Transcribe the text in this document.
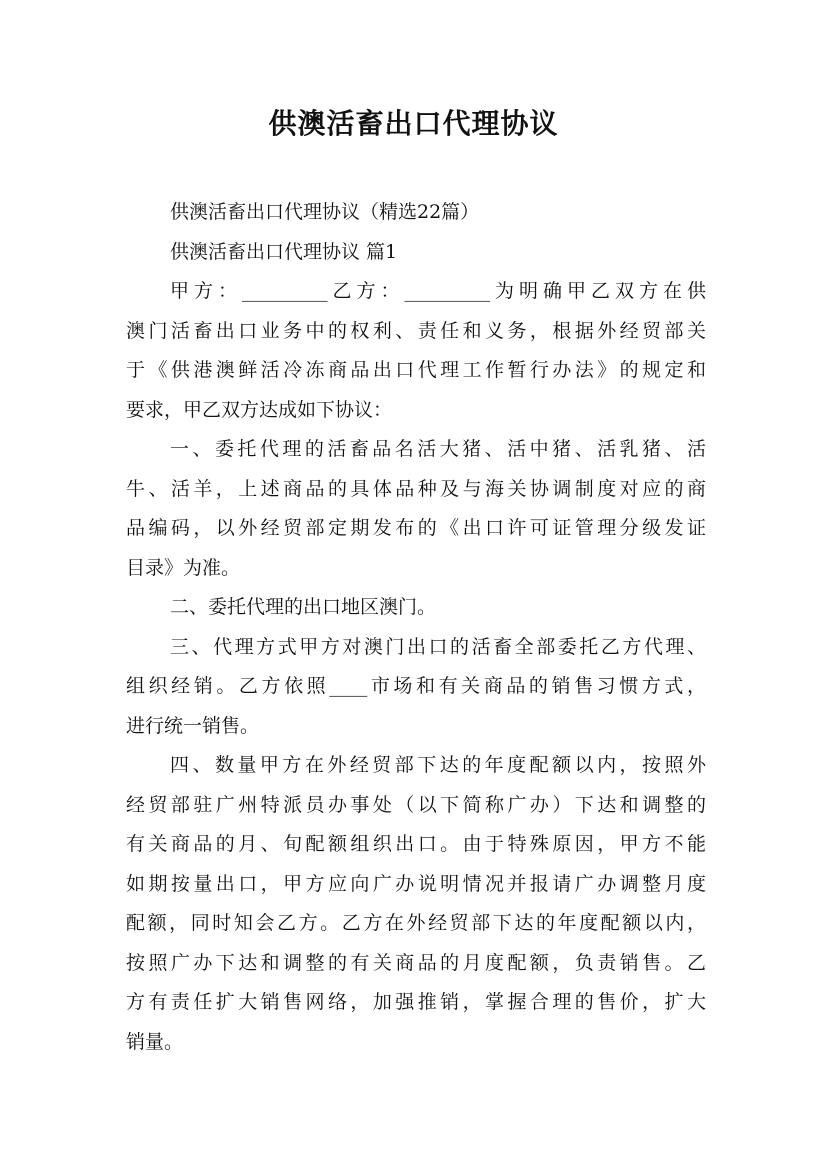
供澳活畜出口代理协议
供澳活畜出口代理协议（精选22篇）
供澳活畜出口代理协议 篇1
甲方：_________乙方：_________为明确甲乙双方在供
澳门活畜出口业务中的权利、责任和义务，根据外经贸部关
于《供港澳鲜活冷冻商品出口代理工作暂行办法》的规定和
要求，甲乙双方达成如下协议：
一、委托代理的活畜品名活大猪、活中猪、活乳猪、活
牛、活羊，上述商品的具体品种及与海关协调制度对应的商
品编码，以外经贸部定期发布的《出口许可证管理分级发证
目录》为准。
二、委托代理的出口地区澳门。
三、代理方式甲方对澳门出口的活畜全部委托乙方代理、
组织经销。乙方依照____市场和有关商品的销售习惯方式，
进行统一销售。
四、数量甲方在外经贸部下达的年度配额以内，按照外
经贸部驻广州特派员办事处（以下简称广办）下达和调整的
有关商品的月、旬配额组织出口。由于特殊原因，甲方不能
如期按量出口，甲方应向广办说明情况并报请广办调整月度
配额，同时知会乙方。乙方在外经贸部下达的年度配额以内，
按照广办下达和调整的有关商品的月度配额，负责销售。乙
方有责任扩大销售网络，加强推销，掌握合理的售价，扩大
销量。
